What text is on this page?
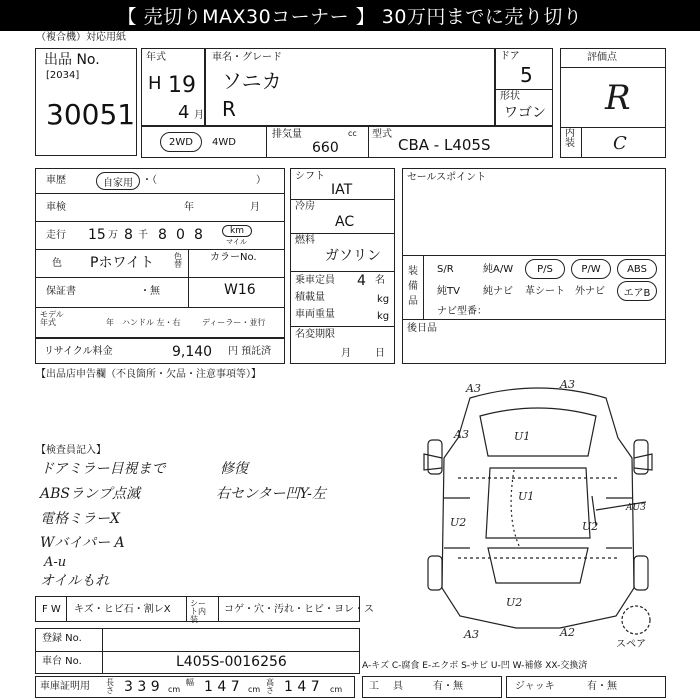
【 売切りMAX30コーナー 】 30万円までに売り切り
（複合機）対応用紙
出品 No.
[2034]
30051
年式
H 19
4 月
車名・グレード
ソニカ
R
ドア
5
形状
ワゴン
評価点
R
内装 C
2WD	4WD
排気量	cc
660
型式
CBA - L405S
車歴	自家用 ・（	）
車検	年	月
走行 15 万 8 千 8 0 8	km
マイル
色 Pホワイト 色替
カラーNo.
W16
保証書	・無
モデル年式	年 ハンドル 左・右	ディーラー・並行
リサイクル料金	9,140 円 預託済
シフト
IAT
冷房
AC
燃料
ガソリン
乗車定員 4 名
積載量	kg
車両重量	kg
名変期限
月日
セールスポイント
装備品
S/R	純A/W	P/S	P/W	ABS
純TV 純ナビ 革シート 外ナビ	エアB
ナビ型番：
後日品
【出品店申告欄（不良箇所・欠品・注意事項等）】
【検査員記入】
ドアミラー目視まで
ABSランプ点滅
電格ミラーX
Wバイパー A
A-u
オイルもれ
修復
右センター凹Y-左
A3	A3
A3	U1
U1
U2
AU3
U2
U2
A3	A2
スペア
F W キズ・ヒビ石・割レX
シート内装
コゲ・穴・汚れ・ヒビ・ヨレ・ス
登録 No.
車台 No.	L405S-0016256	A-キズ C-腐食 E-エクボ S-サビ U-凹 W-補修 XX-交換済
車庫証明用 長さ 3 3 9 cm
幅 1 4 7 cm
高さ 1 4 7 cm	工具 有・無	ジャッキ	有・無
